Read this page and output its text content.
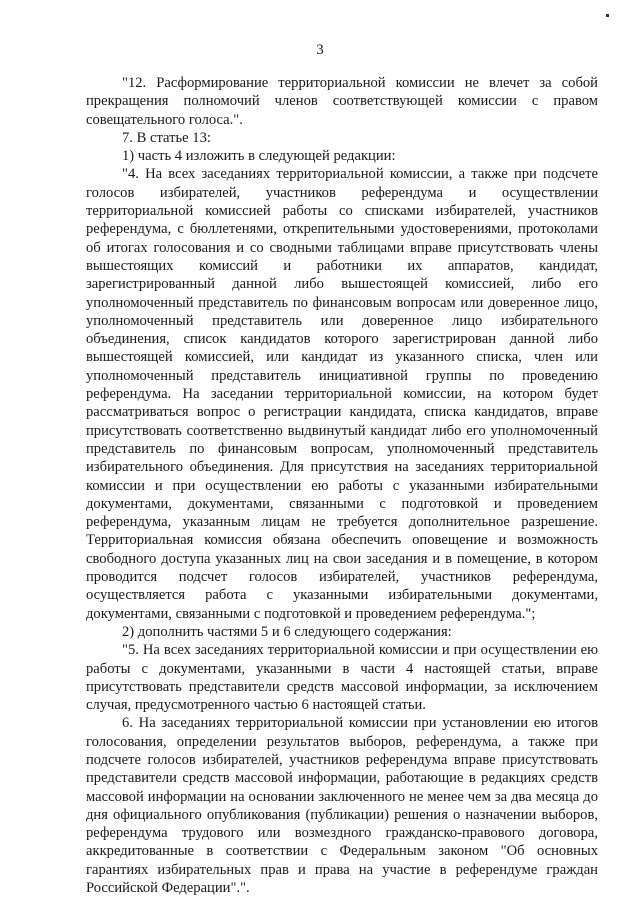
3

"12. Расформирование территориальной комиссии не влечет за собой прекращения полномочий членов соответствующей комиссии с правом совещательного голоса.".

7. В статье 13:

1) часть 4 изложить в следующей редакции:

"4. На всех заседаниях территориальной комиссии, а также при подсчете голосов избирателей, участников референдума и осуществлении территориальной комиссией работы со списками избирателей, участников референдума, с бюллетенями, открепительными удостоверениями, протоколами об итогах голосования и со сводными таблицами вправе присутствовать члены вышестоящих комиссий и работники их аппаратов, кандидат, зарегистрированный данной либо вышестоящей комиссией, либо его уполномоченный представитель по финансовым вопросам или доверенное лицо, уполномоченный представитель или доверенное лицо избирательного объединения, список кандидатов которого зарегистрирован данной либо вышестоящей комиссией, или кандидат из указанного списка, член или уполномоченный представитель инициативной группы по проведению референдума. На заседании территориальной комиссии, на котором будет рассматриваться вопрос о регистрации кандидата, списка кандидатов, вправе присутствовать соответственно выдвинутый кандидат либо его уполномоченный представитель по финансовым вопросам, уполномоченный представитель избирательного объединения. Для присутствия на заседаниях территориальной комиссии и при осуществлении ею работы с указанными избирательными документами, документами, связанными с подготовкой и проведением референдума, указанным лицам не требуется дополнительное разрешение. Территориальная комиссия обязана обеспечить оповещение и возможность свободного доступа указанных лиц на свои заседания и в помещение, в котором проводится подсчет голосов избирателей, участников референдума, осуществляется работа с указанными избирательными документами, документами, связанными с подготовкой и проведением референдума.";

2) дополнить частями 5 и 6 следующего содержания:

"5. На всех заседаниях территориальной комиссии и при осуществлении ею работы с документами, указанными в части 4 настоящей статьи, вправе присутствовать представители средств массовой информации, за исключением случая, предусмотренного частью 6 настоящей статьи.

6. На заседаниях территориальной комиссии при установлении ею итогов голосования, определении результатов выборов, референдума, а также при подсчете голосов избирателей, участников референдума вправе присутствовать представители средств массовой информации, работающие в редакциях средств массовой информации на основании заключенного не менее чем за два месяца до дня официального опубликования (публикации) решения о назначении выборов, референдума трудового или возмездного гражданско-правового договора, аккредитованные в соответствии с Федеральным законом "Об основных гарантиях избирательных прав и права на участие в референдуме граждан Российской Федерации".".
